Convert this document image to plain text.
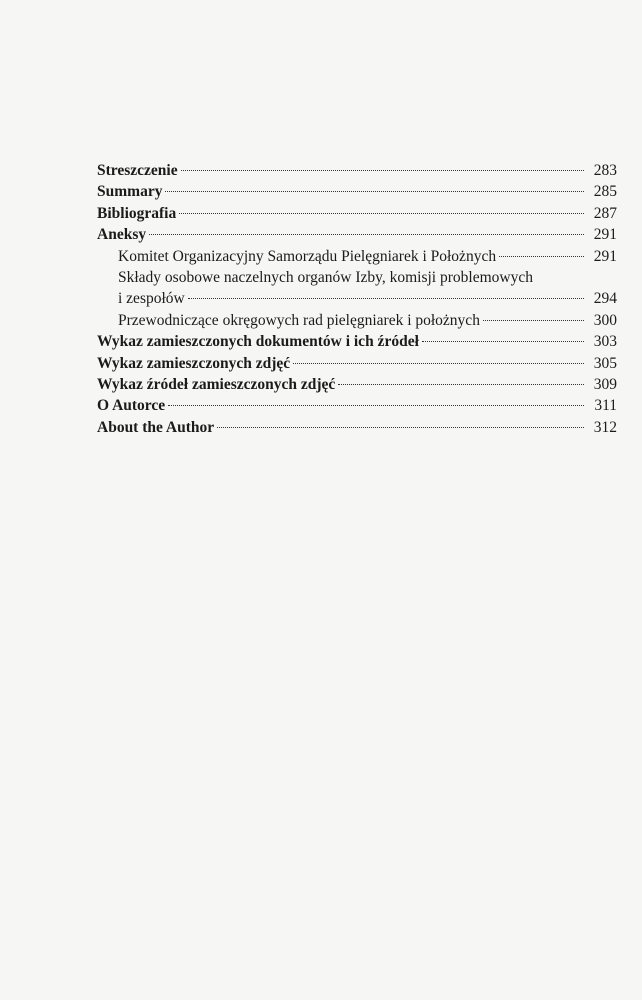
Streszczenie	283
Summary	285
Bibliografia	287
Aneksy	291
Komitet Organizacyjny Samorządu Pielęgniarek i Położnych	291
Składy osobowe naczelnych organów Izby, komisji problemowych
i zespołów	294
Przewodniczące okręgowych rad pielęgniarek i położnych	300
Wykaz zamieszczonych dokumentów i ich źródeł	303
Wykaz zamieszczonych zdjęć	305
Wykaz źródeł zamieszczonych zdjęć	309
O Autorce	311
About the Author	312
